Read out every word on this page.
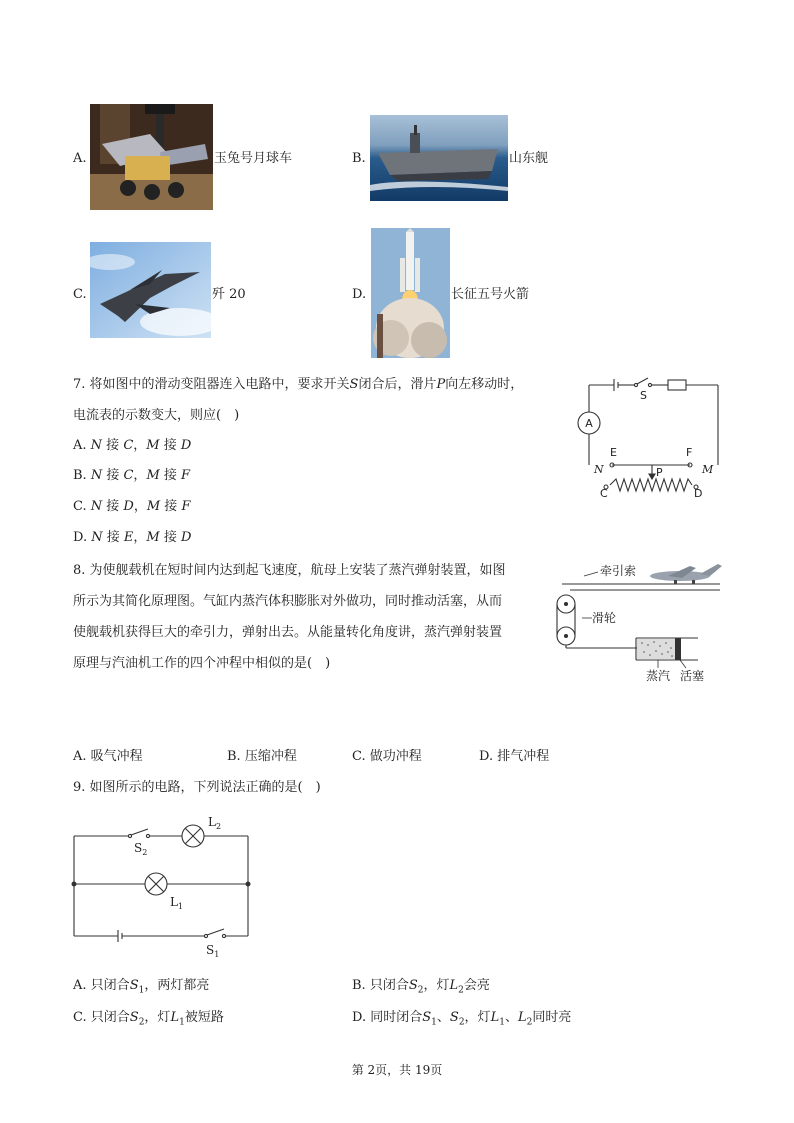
A.	玉兔号月球车	B.	山东舰
C.	歼 20	D.	长征五号火箭
7. 将如图中的滑动变阻器连入电路中，要求开关S闭合后，滑片P向左移动时，
电流表的示数变大，则应(　)
A. N 接 C，M 接 D
B. N 接 C，M 接 F
C. N 接 D，M 接 F
D. N 接 E，M 接 D
A
S
E	F
P
N	M
C	D
8. 为使舰载机在短时间内达到起飞速度，航母上安装了蒸汽弹射装置，如图
所示为其简化原理图。气缸内蒸汽体积膨胀对外做功，同时推动活塞，从而
使舰载机获得巨大的牵引力，弹射出去。从能量转化角度讲，蒸汽弹射装置
原理与汽油机工作的四个冲程中相似的是(　)
牵引索
滑轮
蒸汽 活塞
A. 吸气冲程	B. 压缩冲程	C. 做功冲程	D. 排气冲程
9. 如图所示的电路，下列说法正确的是(　)
$L_2$
$S_2$
$L_1$
$S_1$
A. 只闭合$S_1$，两灯都亮	B. 只闭合$S_2$，灯$L_2$会亮
C. 只闭合$S_2$，灯$L_1$被短路	D. 同时闭合$S_1$、$S_2$，灯$L_1$、$L_2$同时亮
第 2页，共 19页
